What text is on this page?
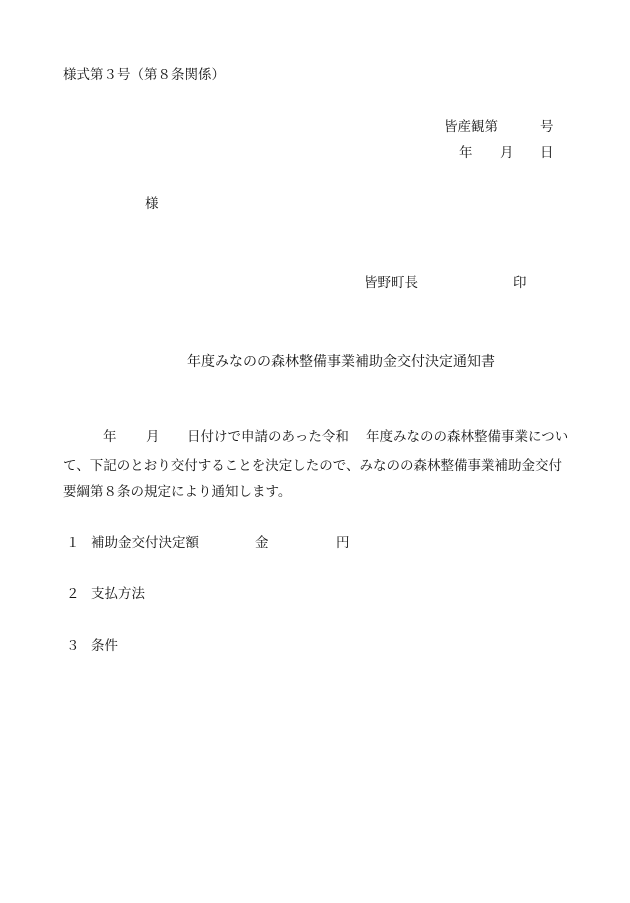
様式第３号（第８条関係）
皆産観第	号
年 月 日
様
皆野町長	印
年度みなのの森林整備事業補助金交付決定通知書
年 月 日付けで申請のあった令和 年度みなのの森林整備事業につい
て、下記のとおり交付することを決定したので、みなのの森林整備事業補助金交付
要綱第８条の規定により通知します。
１ 補助金交付決定額	金	円
２ 支払方法
３ 条件
